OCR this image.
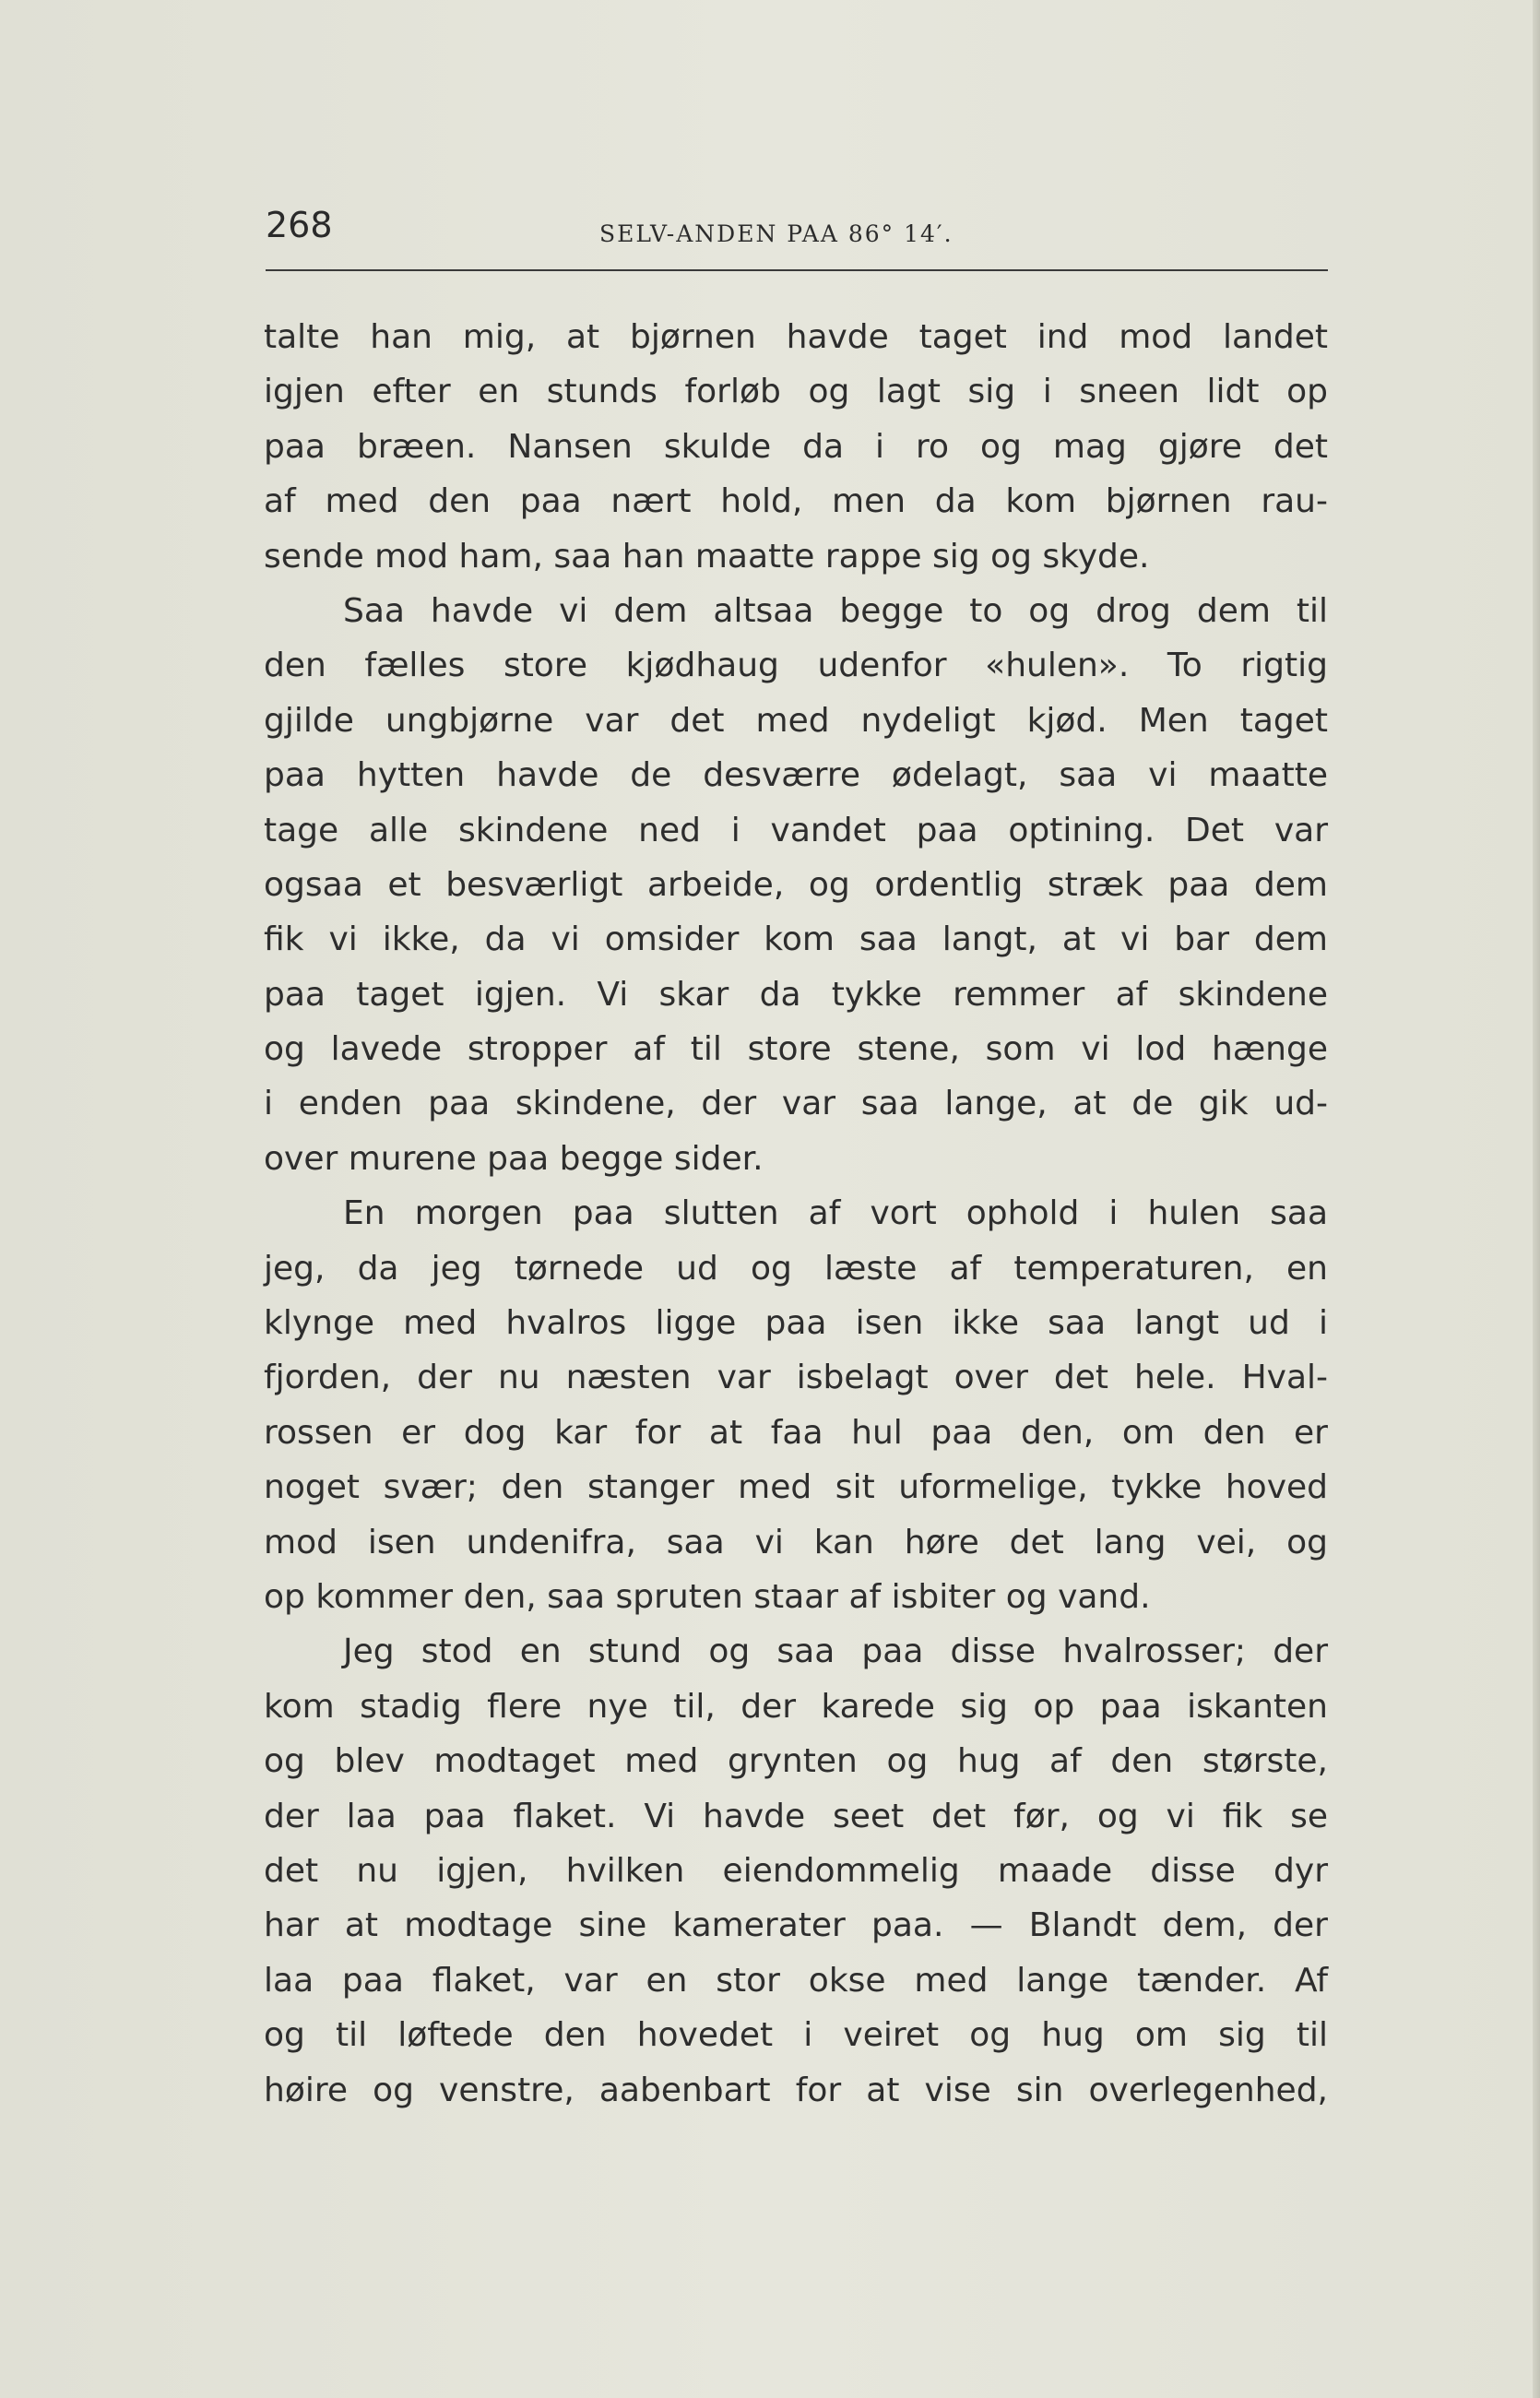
268	SELV-ANDEN PAA 86° 14′.
talte han mig, at bjørnen havde taget ind mod landet
igjen efter en stunds forløb og lagt sig i sneen lidt op
paa bræen. Nansen skulde da i ro og mag gjøre det
af med den paa nært hold, men da kom bjørnen rau-
sende mod ham, saa han maatte rappe sig og skyde.
Saa havde vi dem altsaa begge to og drog dem til
den fælles store kjødhaug udenfor «hulen». To rigtig
gjilde ungbjørne var det med nydeligt kjød. Men taget
paa hytten havde de desværre ødelagt, saa vi maatte
tage alle skindene ned i vandet paa optining. Det var
ogsaa et besværligt arbeide, og ordentlig stræk paa dem
fik vi ikke, da vi omsider kom saa langt, at vi bar dem
paa taget igjen. Vi skar da tykke remmer af skindene
og lavede stropper af til store stene, som vi lod hænge
i enden paa skindene, der var saa lange, at de gik ud-
over murene paa begge sider.
En morgen paa slutten af vort ophold i hulen saa
jeg, da jeg tørnede ud og læste af temperaturen, en
klynge med hvalros ligge paa isen ikke saa langt ud i
fjorden, der nu næsten var isbelagt over det hele. Hval-
rossen er dog kar for at faa hul paa den, om den er
noget svær; den stanger med sit uformelige, tykke hoved
mod isen undenifra, saa vi kan høre det lang vei, og
op kommer den, saa spruten staar af isbiter og vand.
Jeg stod en stund og saa paa disse hvalrosser; der
kom stadig flere nye til, der karede sig op paa iskanten
og blev modtaget med grynten og hug af den største,
der laa paa flaket. Vi havde seet det før, og vi fik se
det nu igjen, hvilken eiendommelig maade disse dyr
har at modtage sine kamerater paa. — Blandt dem, der
laa paa flaket, var en stor okse med lange tænder. Af
og til løftede den hovedet i veiret og hug om sig til
høire og venstre, aabenbart for at vise sin overlegenhed,
